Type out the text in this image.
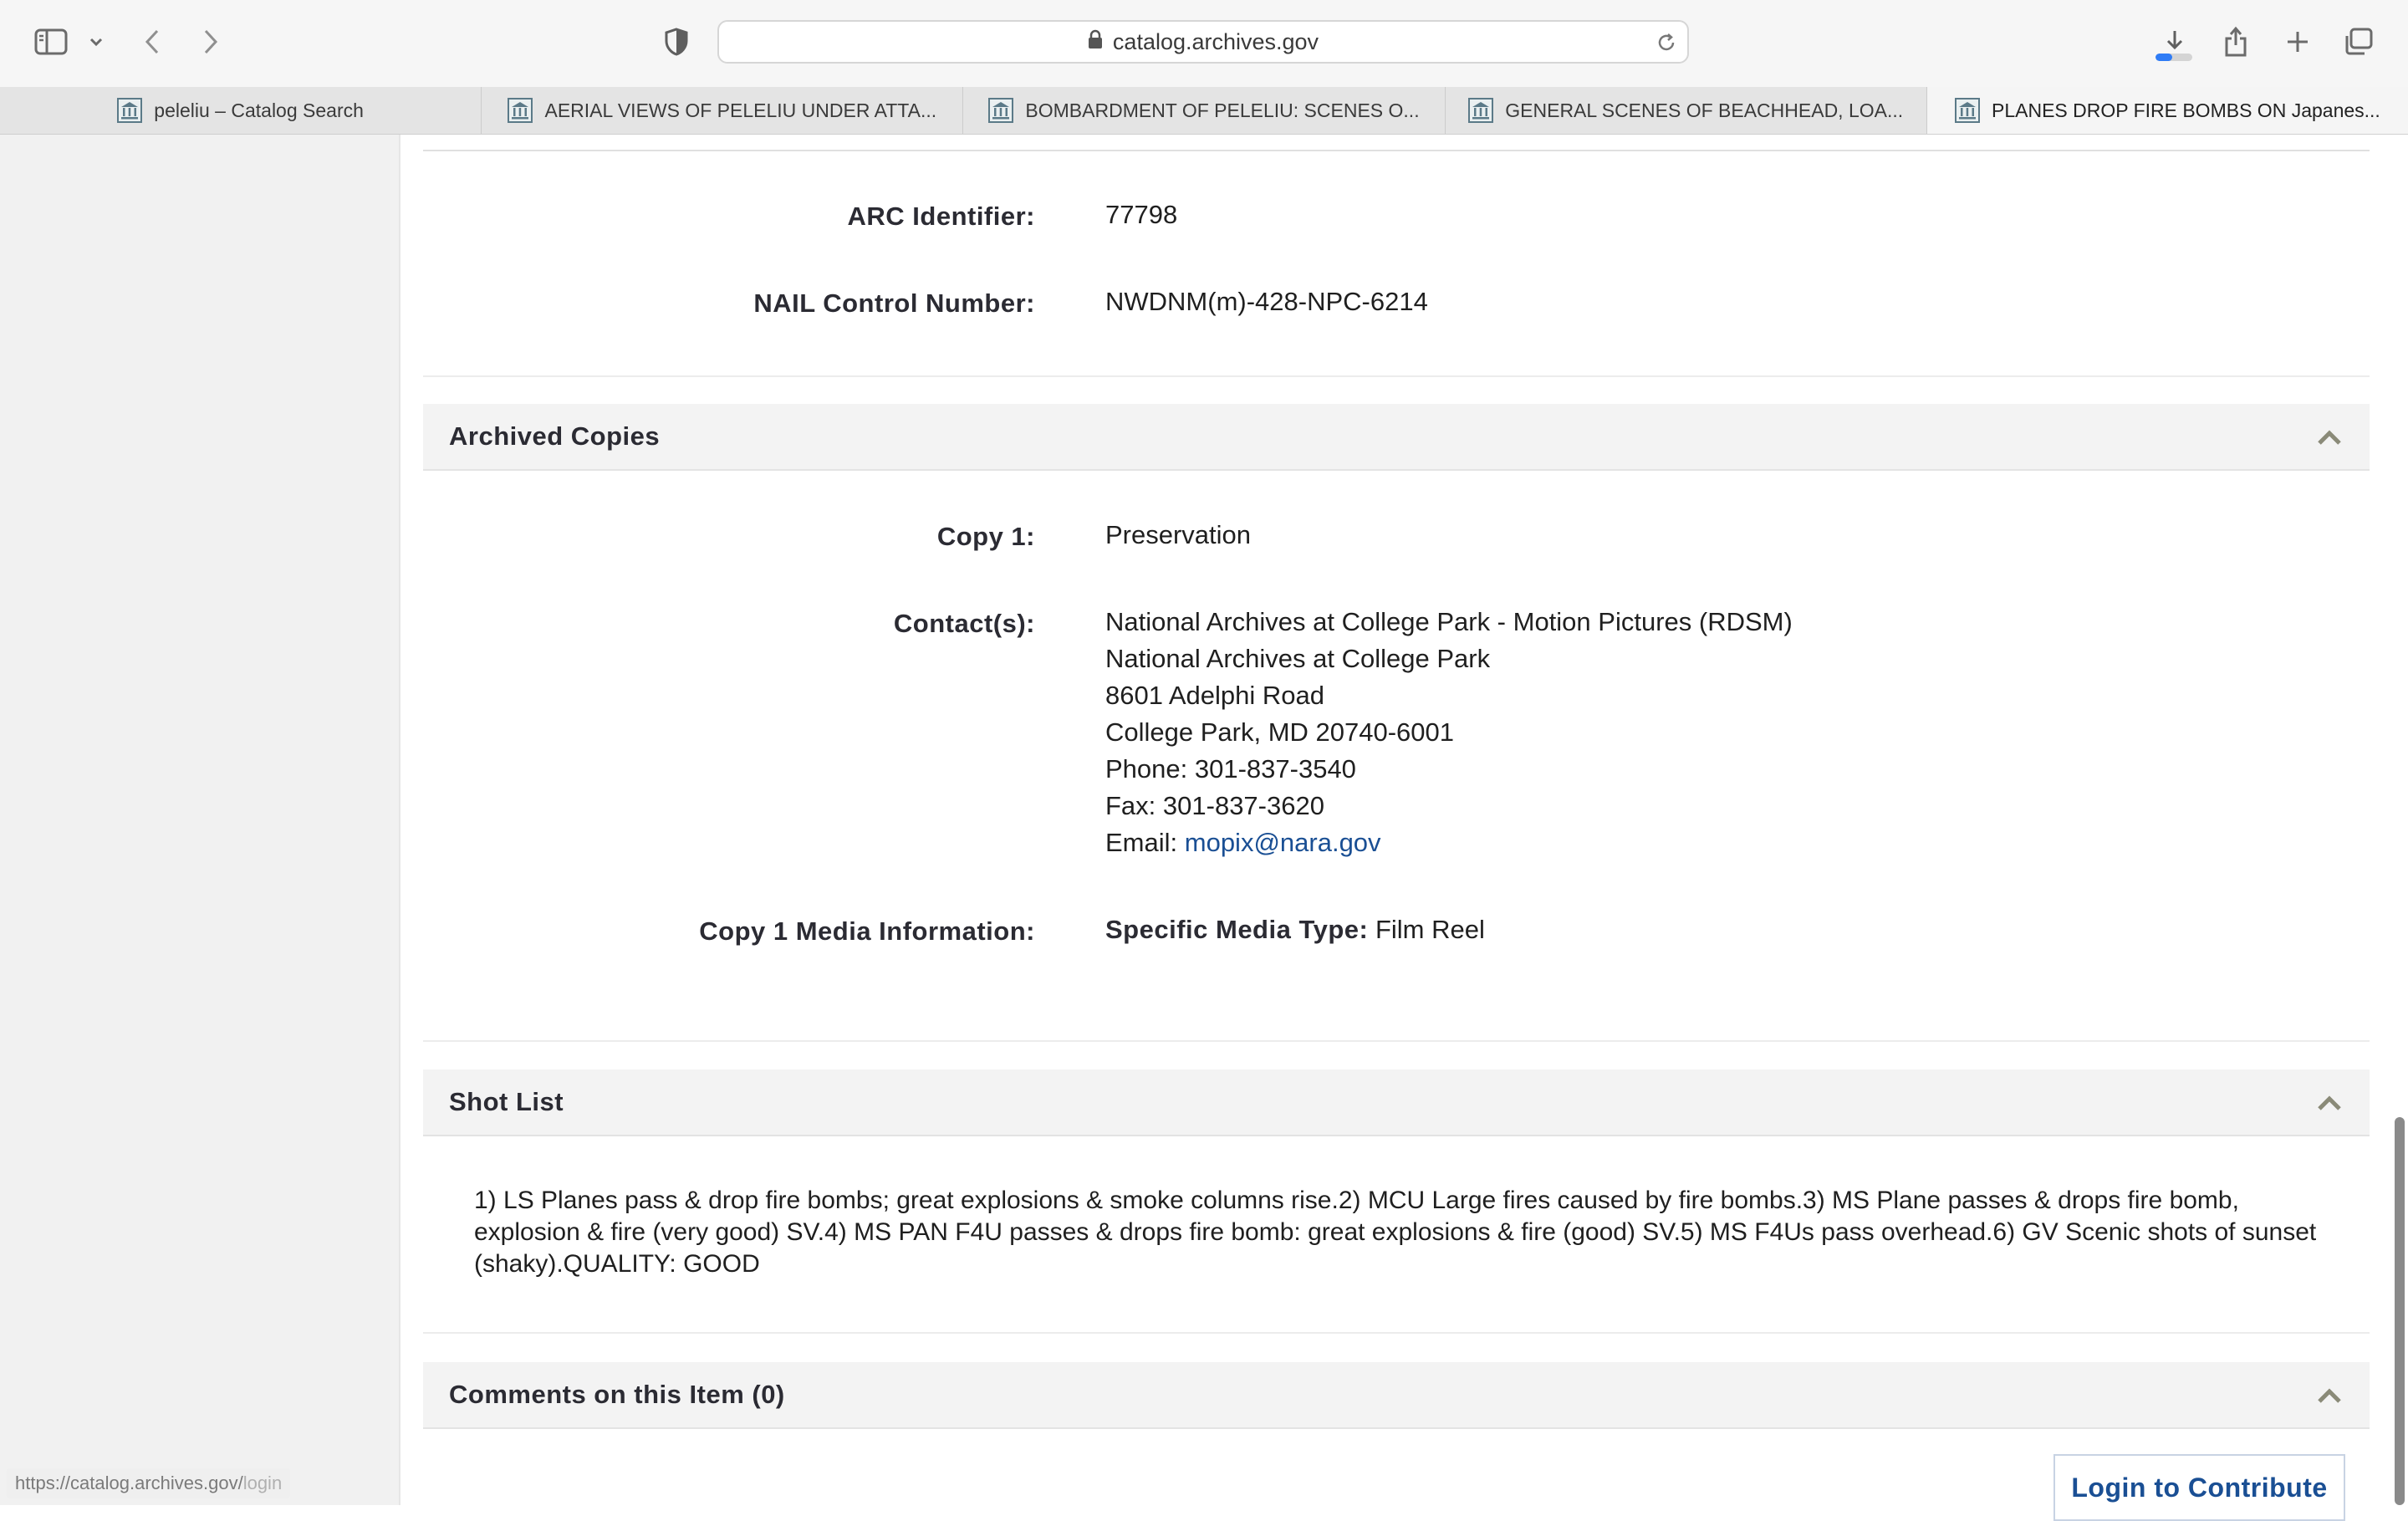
catalog.archives.gov
peleliu – Catalog Search	AERIAL VIEWS OF PELELIU UNDER ATTA...	BOMBARDMENT OF PELELIU: SCENES O...	GENERAL SCENES OF BEACHHEAD, LOA...	PLANES DROP FIRE BOMBS ON Japanes...
ARC Identifier:	77798
NAIL Control Number:	NWDNM(m)-428-NPC-6214
Archived Copies
Copy 1:	Preservation
Contact(s):	National Archives at College Park - Motion Pictures (RDSM)
National Archives at College Park
8601 Adelphi Road
College Park, MD 20740-6001
Phone: 301-837-3540
Fax: 301-837-3620
Email: mopix@nara.gov
Copy 1 Media Information:	Specific Media Type: Film Reel
Shot List
1) LS Planes pass & drop fire bombs; great explosions & smoke columns rise.2) MCU Large fires caused by fire bombs.3) MS Plane passes & drops fire bomb, explosion & fire (very good) SV.4) MS PAN F4U passes & drops fire bomb: great explosions & fire (good) SV.5) MS F4Us pass overhead.6) GV Scenic shots of sunset (shaky).QUALITY: GOOD
Comments on this Item (0)
Login to Contribute
https://catalog.archives.gov/login
